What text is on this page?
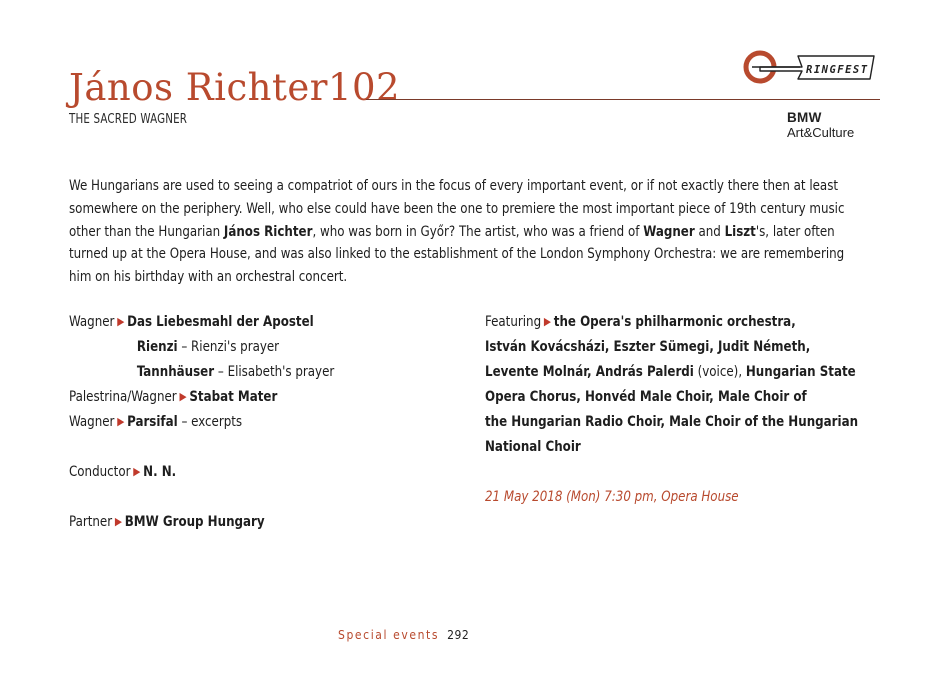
János Richter102
THE SACRED WAGNER
RINGFEST
BMW
Art&Culture

We Hungarians are used to seeing a compatriot of ours in the focus of every important event, or if not exactly there then at least somewhere on the periphery. Well, who else could have been the one to premiere the most important piece of 19th century music other than the Hungarian János Richter, who was born in Győr? The artist, who was a friend of Wagner and Liszt's, later often turned up at the Opera House, and was also linked to the establishment of the London Symphony Orchestra: we are remembering him on his birthday with an orchestral concert.

Wagner ▶ Das Liebesmahl der Apostel
Rienzi – Rienzi's prayer
Tannhäuser – Elisabeth's prayer
Palestrina/Wagner ▶ Stabat Mater
Wagner ▶ Parsifal – excerpts
Conductor ▶ N. N.
Partner ▶ BMW Group Hungary
Featuring ▶ the Opera's philharmonic orchestra,
István Kovácsházi, Eszter Sümegi, Judit Németh,
Levente Molnár, András Palerdi (voice), Hungarian State
Opera Chorus, Honvéd Male Choir, Male Choir of
the Hungarian Radio Choir, Male Choir of the Hungarian
National Choir
21 May 2018 (Mon) 7:30 pm, Opera House
Special events 292
